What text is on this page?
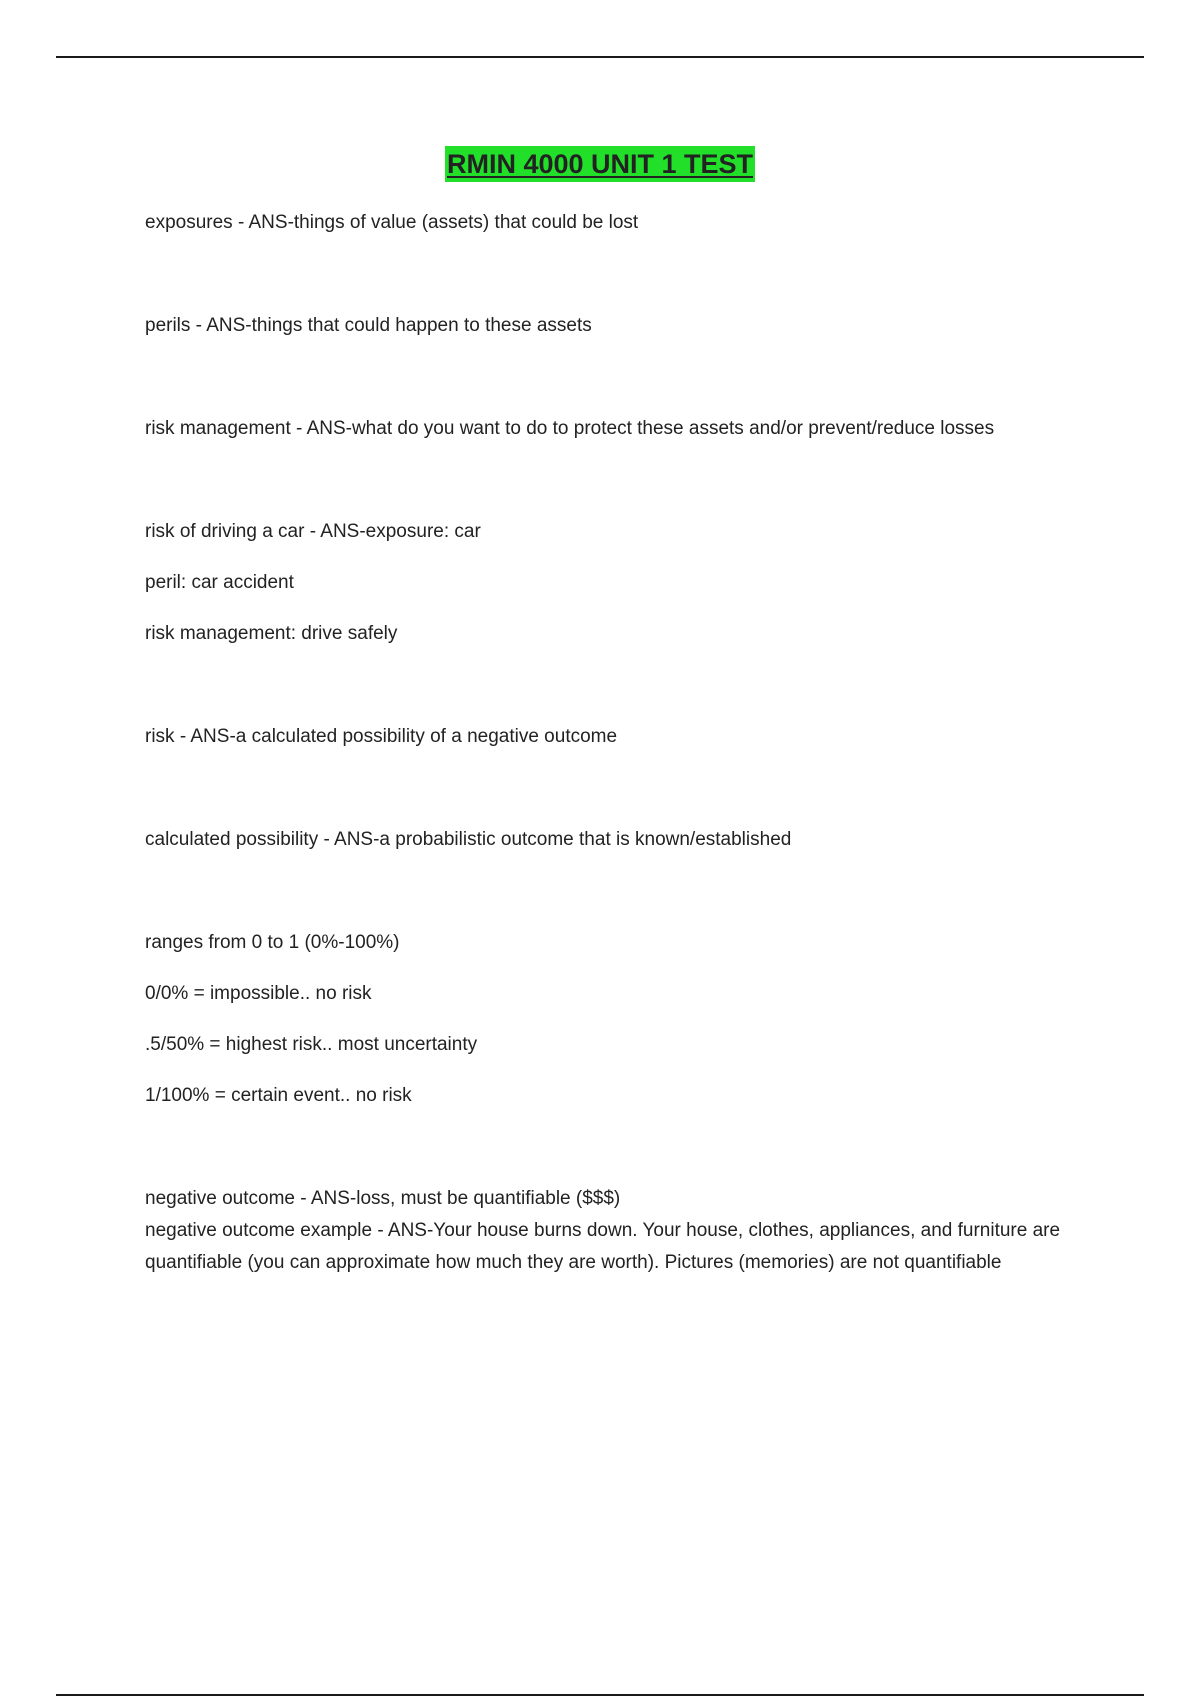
RMIN 4000 UNIT 1 TEST

exposures - ANS-things of value (assets) that could be lost

perils - ANS-things that could happen to these assets

risk management - ANS-what do you want to do to protect these assets and/or prevent/reduce losses

risk of driving a car - ANS-exposure: car

peril: car accident

risk management: drive safely

risk - ANS-a calculated possibility of a negative outcome

calculated possibility - ANS-a probabilistic outcome that is known/established

ranges from 0 to 1 (0%-100%)

0/0% = impossible.. no risk

.5/50% = highest risk.. most uncertainty

1/100% = certain event.. no risk

negative outcome - ANS-loss, must be quantifiable ($$$)

negative outcome example - ANS-Your house burns down. Your house, clothes, appliances, and furniture are quantifiable (you can approximate how much they are worth). Pictures (memories) are not quantifiable
